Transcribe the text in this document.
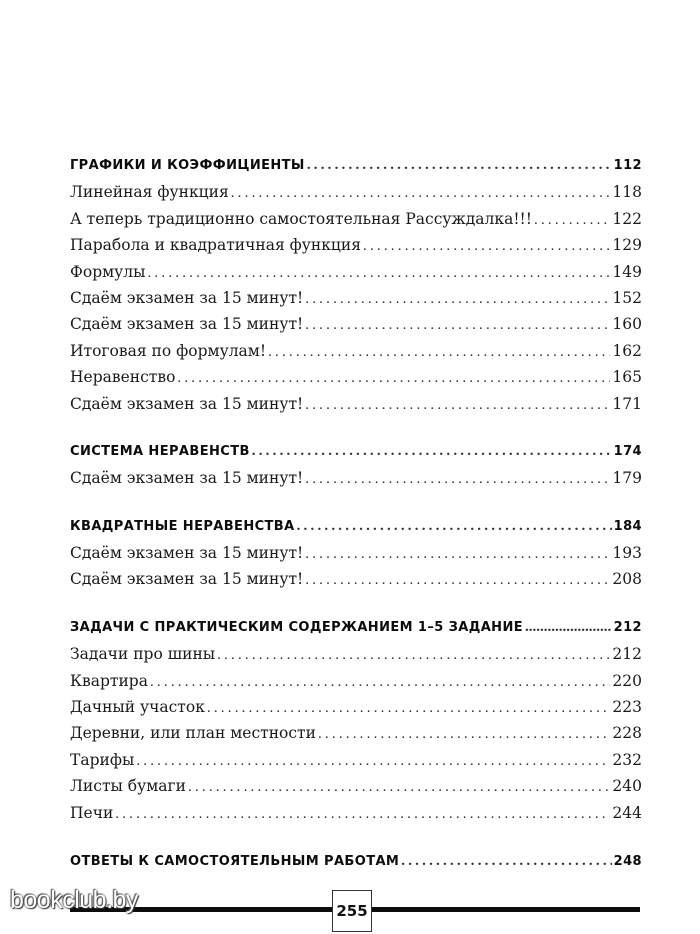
ГРАФИКИ И КОЭФФИЦИЕНТЫ .....	112
Линейная функция .....	118
А теперь традиционно самостоятельная Рассуждалка!!! .....	122
Парабола и квадратичная функция .....	129
Формулы .....	149
Сдаём экзамен за 15 минут! .....	152
Сдаём экзамен за 15 минут! .....	160
Итоговая по формулам! .....	162
Неравенство .....	165
Сдаём экзамен за 15 минут! .....	171
СИСТЕМА НЕРАВЕНСТВ .....	174
Сдаём экзамен за 15 минут! .....	179
КВАДРАТНЫЕ НЕРАВЕНСТВА .....	184
Сдаём экзамен за 15 минут! .....	193
Сдаём экзамен за 15 минут! .....	208
ЗАДАЧИ С ПРАКТИЧЕСКИМ СОДЕРЖАНИЕМ 1–5 ЗАДАНИЕ .....	212
Задачи про шины .....	212
Квартира .....	220
Дачный участок .....	223
Деревни, или план местности .....	228
Тарифы .....	232
Листы бумаги .....	240
Печи .....	244
ОТВЕТЫ К САМОСТОЯТЕЛЬНЫМ РАБОТАМ .....	248
255
bookclub.by
